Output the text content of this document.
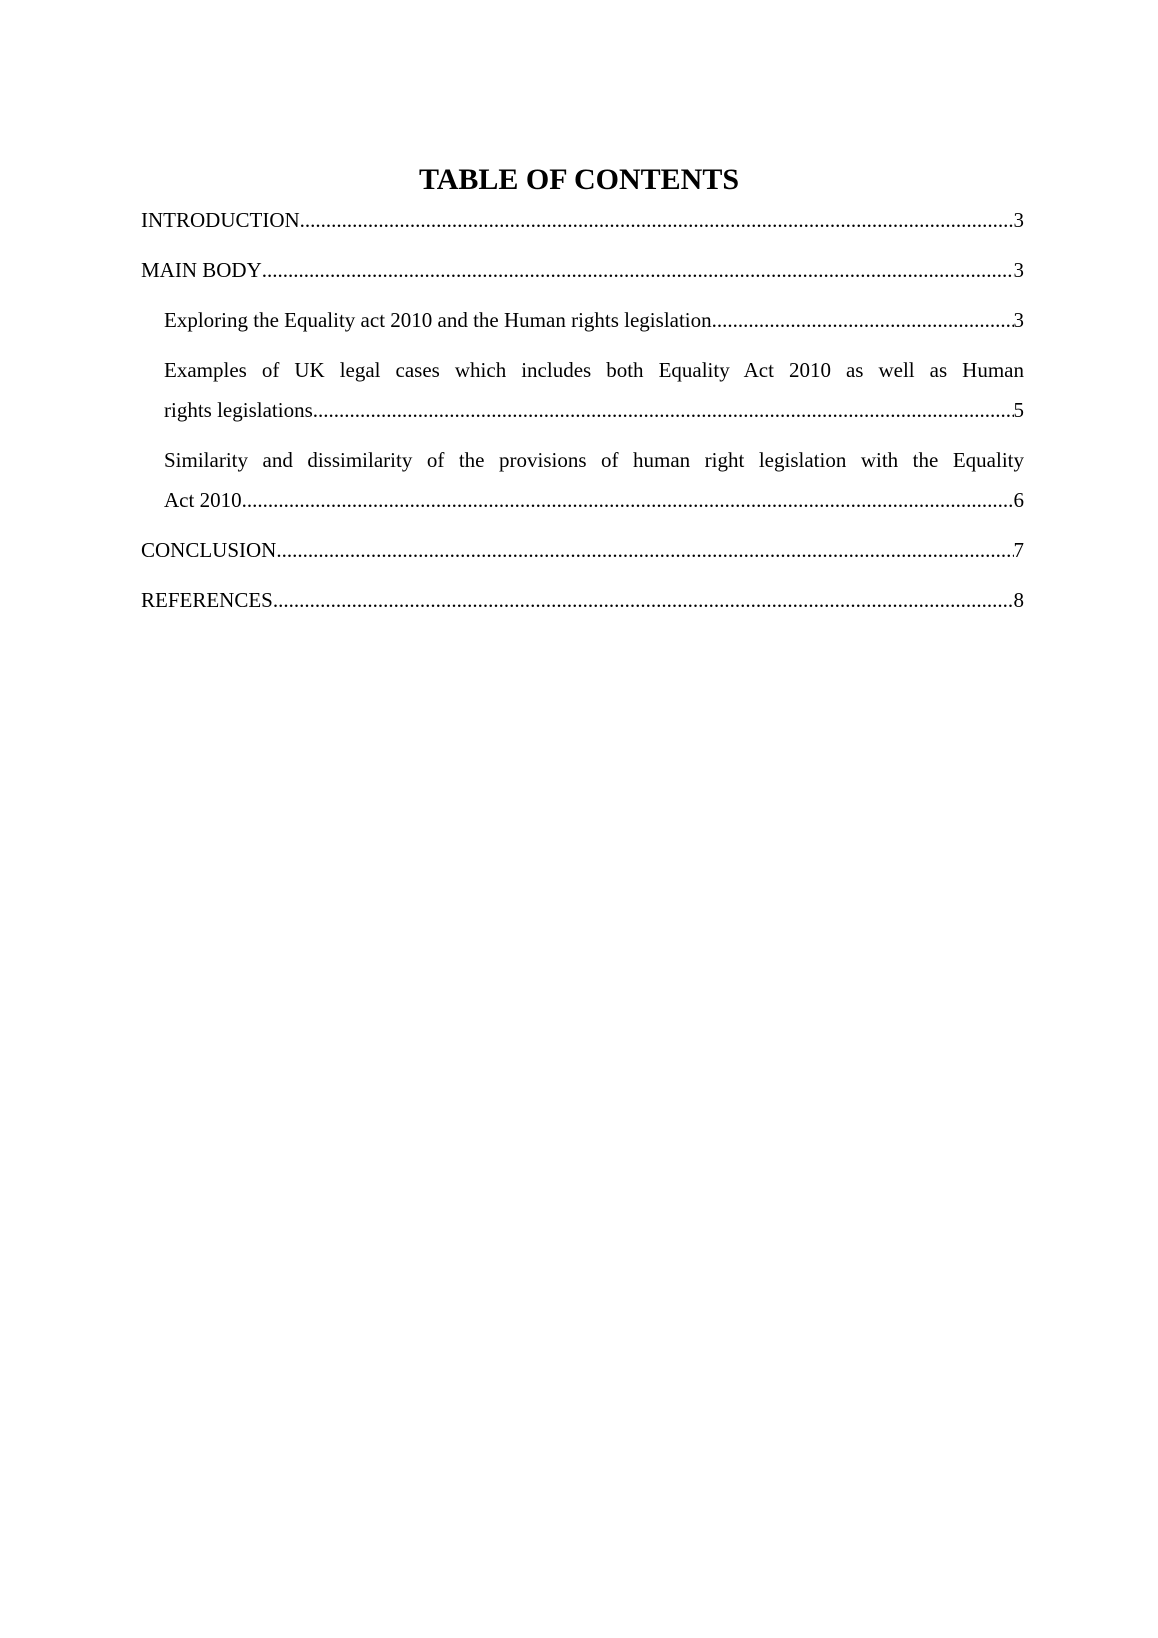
TABLE OF CONTENTS
INTRODUCTION .....	3
MAIN BODY .....	3
Exploring the Equality act 2010 and the Human rights legislation .....	3
Examples of UK legal cases which includes both Equality Act 2010 as well as Human
rights legislations .....	5
Similarity and dissimilarity of the provisions of human right legislation with the Equality
Act 2010 .....	6
CONCLUSION .....	7
REFERENCES .....	8
